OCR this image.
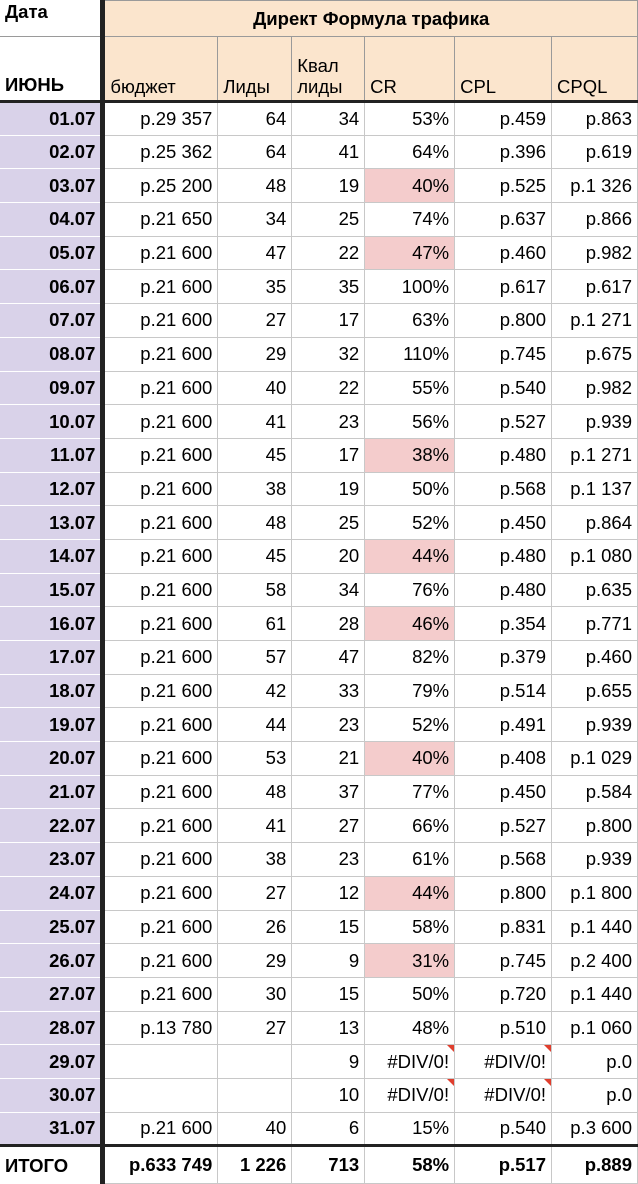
Дата	Директ Формула трафика					
ИЮНЬ	бюджет	Лиды	Квал лиды	CR	CPL	CPQL
01.07	р.29 357	64	34	53%	р.459	р.863
02.07	р.25 362	64	41	64%	р.396	р.619
03.07	р.25 200	48	19	40%	р.525	р.1 326
04.07	р.21 650	34	25	74%	р.637	р.866
05.07	р.21 600	47	22	47%	р.460	р.982
06.07	р.21 600	35	35	100%	р.617	р.617
07.07	р.21 600	27	17	63%	р.800	р.1 271
08.07	р.21 600	29	32	110%	р.745	р.675
09.07	р.21 600	40	22	55%	р.540	р.982
10.07	р.21 600	41	23	56%	р.527	р.939
11.07	р.21 600	45	17	38%	р.480	р.1 271
12.07	р.21 600	38	19	50%	р.568	р.1 137
13.07	р.21 600	48	25	52%	р.450	р.864
14.07	р.21 600	45	20	44%	р.480	р.1 080
15.07	р.21 600	58	34	76%	р.480	р.635
16.07	р.21 600	61	28	46%	р.354	р.771
17.07	р.21 600	57	47	82%	р.379	р.460
18.07	р.21 600	42	33	79%	р.514	р.655
19.07	р.21 600	44	23	52%	р.491	р.939
20.07	р.21 600	53	21	40%	р.408	р.1 029
21.07	р.21 600	48	37	77%	р.450	р.584
22.07	р.21 600	41	27	66%	р.527	р.800
23.07	р.21 600	38	23	61%	р.568	р.939
24.07	р.21 600	27	12	44%	р.800	р.1 800
25.07	р.21 600	26	15	58%	р.831	р.1 440
26.07	р.21 600	29	9	31%	р.745	р.2 400
27.07	р.21 600	30	15	50%	р.720	р.1 440
28.07	р.13 780	27	13	48%	р.510	р.1 060
29.07			9	#DIV/0!	#DIV/0!	р.0
30.07			10	#DIV/0!	#DIV/0!	р.0
31.07	р.21 600	40	6	15%	р.540	р.3 600
ИТОГО	р.633 749	1 226	713	58%	р.517	р.889
